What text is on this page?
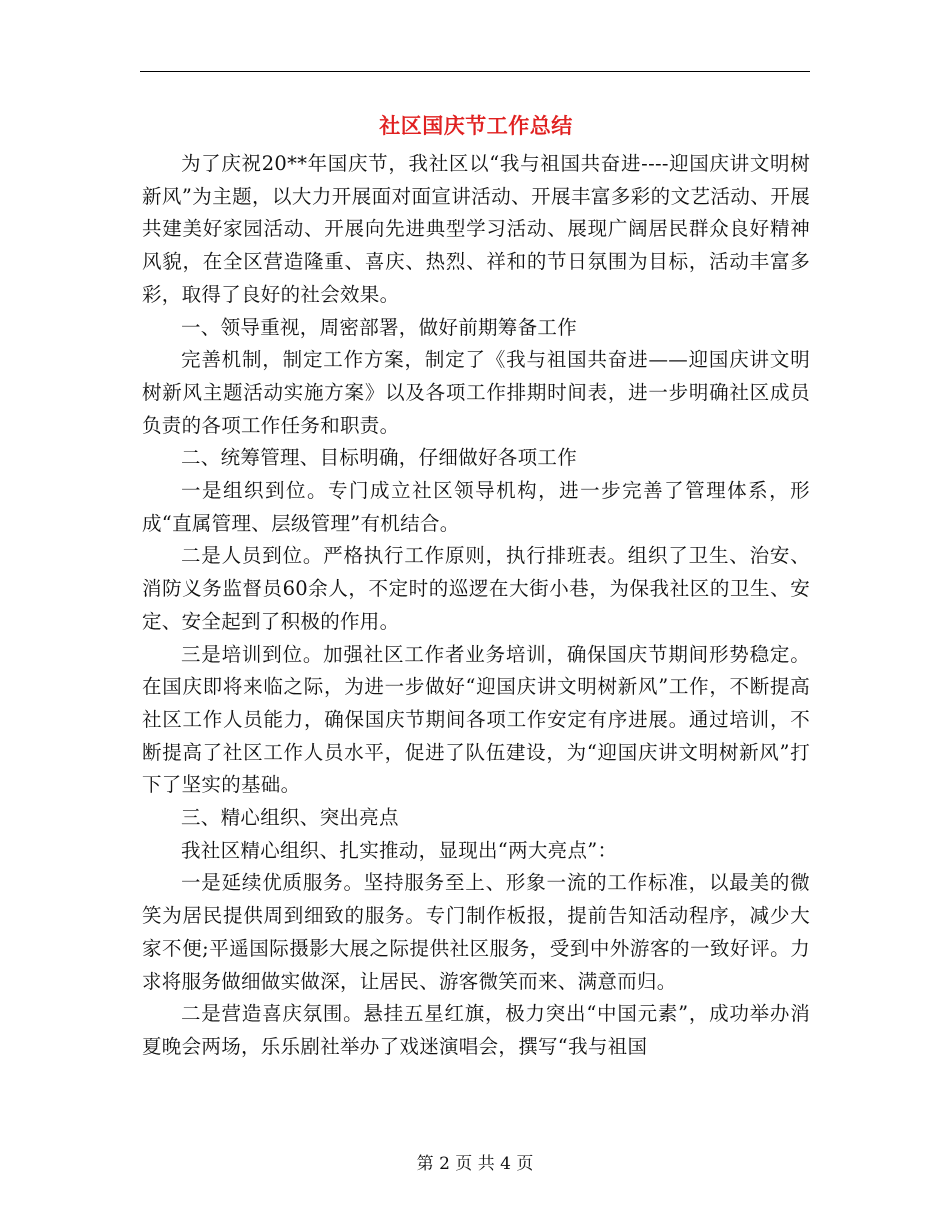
社区国庆节工作总结

为了庆祝20**年国庆节，我社区以“我与祖国共奋进----迎国庆讲文明树新风”为主题，以大力开展面对面宣讲活动、开展丰富多彩的文艺活动、开展共建美好家园活动、开展向先进典型学习活动、展现广阔居民群众良好精神风貌，在全区营造隆重、喜庆、热烈、祥和的节日氛围为目标，活动丰富多彩，取得了良好的社会效果。

一、领导重视，周密部署，做好前期筹备工作

完善机制，制定工作方案，制定了《我与祖国共奋进——迎国庆讲文明树新风主题活动实施方案》以及各项工作排期时间表，进一步明确社区成员负责的各项工作任务和职责。

二、统筹管理、目标明确，仔细做好各项工作

一是组织到位。专门成立社区领导机构，进一步完善了管理体系，形成“直属管理、层级管理”有机结合。

二是人员到位。严格执行工作原则，执行排班表。组织了卫生、治安、消防义务监督员60余人，不定时的巡逻在大街小巷，为保我社区的卫生、安定、安全起到了积极的作用。

三是培训到位。加强社区工作者业务培训，确保国庆节期间形势稳定。在国庆即将来临之际，为进一步做好“迎国庆讲文明树新风”工作，不断提高社区工作人员能力，确保国庆节期间各项工作安定有序进展。通过培训，不断提高了社区工作人员水平，促进了队伍建设，为“迎国庆讲文明树新风”打下了坚实的基础。

三、精心组织、突出亮点

我社区精心组织、扎实推动，显现出“两大亮点”：

一是延续优质服务。坚持服务至上、形象一流的工作标准，以最美的微笑为居民提供周到细致的服务。专门制作板报，提前告知活动程序，减少大家不便;平遥国际摄影大展之际提供社区服务，受到中外游客的一致好评。力求将服务做细做实做深，让居民、游客微笑而来、满意而归。

二是营造喜庆氛围。悬挂五星红旗，极力突出“中国元素”，成功举办消夏晚会两场，乐乐剧社举办了戏迷演唱会，撰写“我与祖国

第 2 页 共 4 页
